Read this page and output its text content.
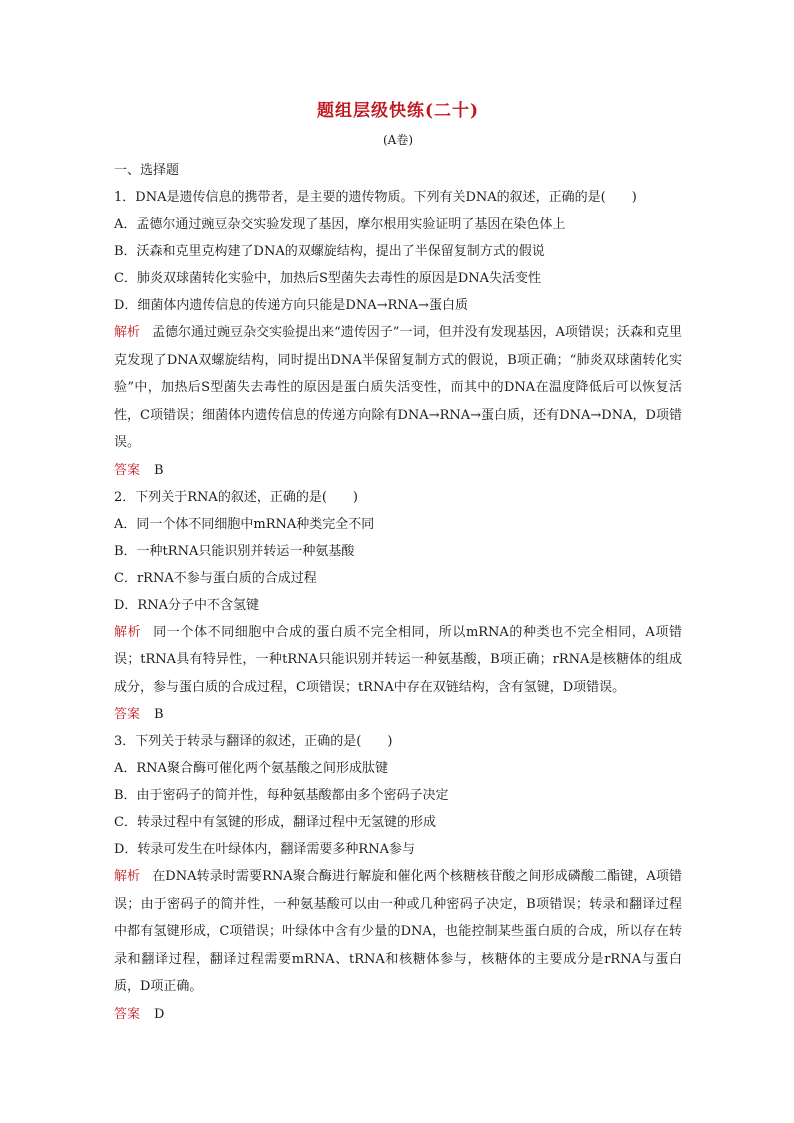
题组层级快练(二十)
(A卷)
一、选择题
1．DNA是遗传信息的携带者，是主要的遗传物质。下列有关DNA的叙述，正确的是(　　)
A．孟德尔通过豌豆杂交实验发现了基因，摩尔根用实验证明了基因在染色体上
B．沃森和克里克构建了DNA的双螺旋结构，提出了半保留复制方式的假说
C．肺炎双球菌转化实验中，加热后S型菌失去毒性的原因是DNA失活变性
D．细菌体内遗传信息的传递方向只能是DNA→RNA→蛋白质

解析 孟德尔通过豌豆杂交实验提出来“遗传因子”一词，但并没有发现基因，A项错误；沃森和克里克发现了DNA双螺旋结构，同时提出DNA半保留复制方式的假说，B项正确；“肺炎双球菌转化实验”中，加热后S型菌失去毒性的原因是蛋白质失活变性，而其中的DNA在温度降低后可以恢复活性，C项错误；细菌体内遗传信息的传递方向除有DNA→RNA→蛋白质，还有DNA→DNA，D项错误。

答案 B
2．下列关于RNA的叙述，正确的是(　　)
A．同一个体不同细胞中mRNA种类完全不同
B．一种tRNA只能识别并转运一种氨基酸
C．rRNA不参与蛋白质的合成过程
D．RNA分子中不含氢键

解析 同一个体不同细胞中合成的蛋白质不完全相同，所以mRNA的种类也不完全相同，A项错误；tRNA具有特异性，一种tRNA只能识别并转运一种氨基酸，B项正确；rRNA是核糖体的组成成分，参与蛋白质的合成过程，C项错误；tRNA中存在双链结构，含有氢键，D项错误。

答案 B
3．下列关于转录与翻译的叙述，正确的是(　　)
A．RNA聚合酶可催化两个氨基酸之间形成肽键
B．由于密码子的简并性，每种氨基酸都由多个密码子决定
C．转录过程中有氢键的形成，翻译过程中无氢键的形成
D．转录可发生在叶绿体内，翻译需要多种RNA参与

解析 在DNA转录时需要RNA聚合酶进行解旋和催化两个核糖核苷酸之间形成磷酸二酯键，A项错误；由于密码子的简并性，一种氨基酸可以由一种或几种密码子决定，B项错误；转录和翻译过程中都有氢键形成，C项错误；叶绿体中含有少量的DNA，也能控制某些蛋白质的合成，所以存在转录和翻译过程，翻译过程需要mRNA、tRNA和核糖体参与，核糖体的主要成分是rRNA与蛋白质，D项正确。

答案 D
